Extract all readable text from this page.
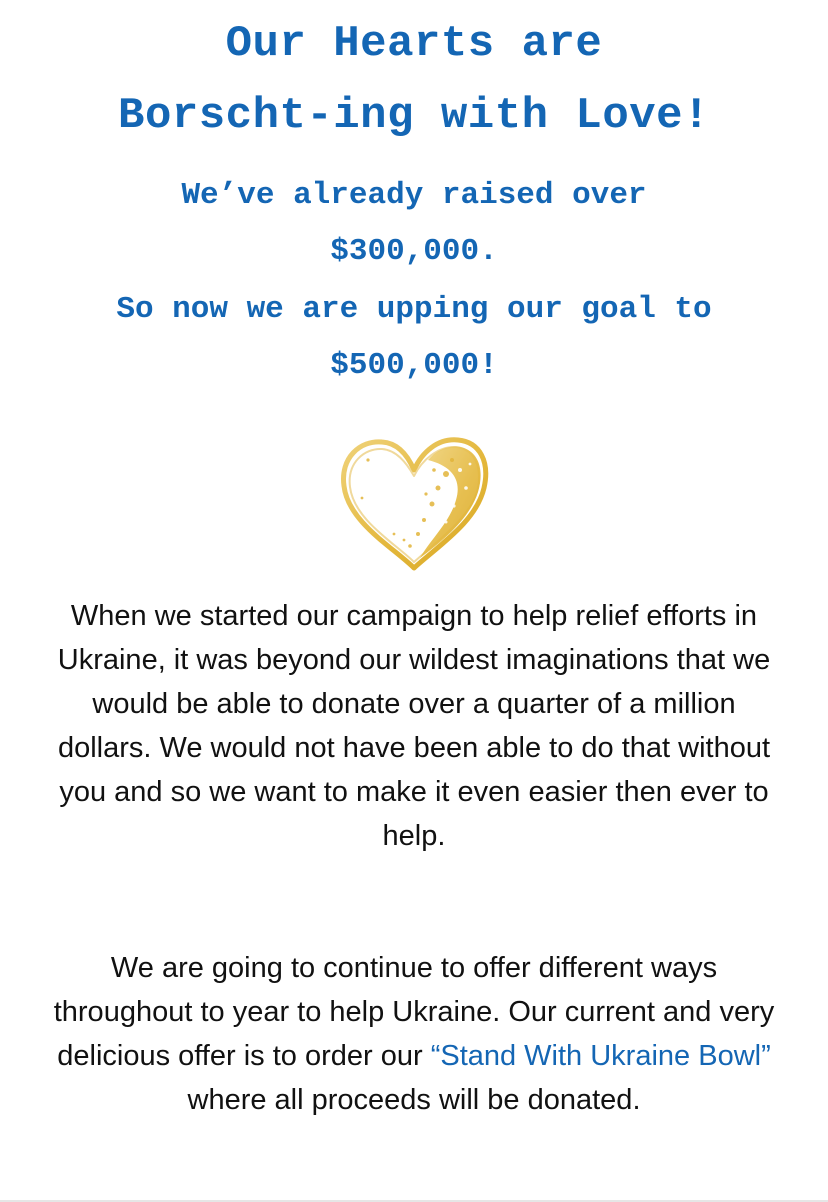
Our Hearts are
Borscht-ing with Love!

We’ve already raised over
$300,000.

So now we are upping our goal to
$500,000!

When we started our campaign to help relief efforts in Ukraine, it was beyond our wildest imaginations that we would be able to donate over a quarter of a million dollars. We would not have been able to do that without you and so we want to make it even easier then ever to help.

We are going to continue to offer different ways throughout to year to help Ukraine. Our current and very delicious offer is to order our “Stand With Ukraine Bowl” where all proceeds will be donated.
